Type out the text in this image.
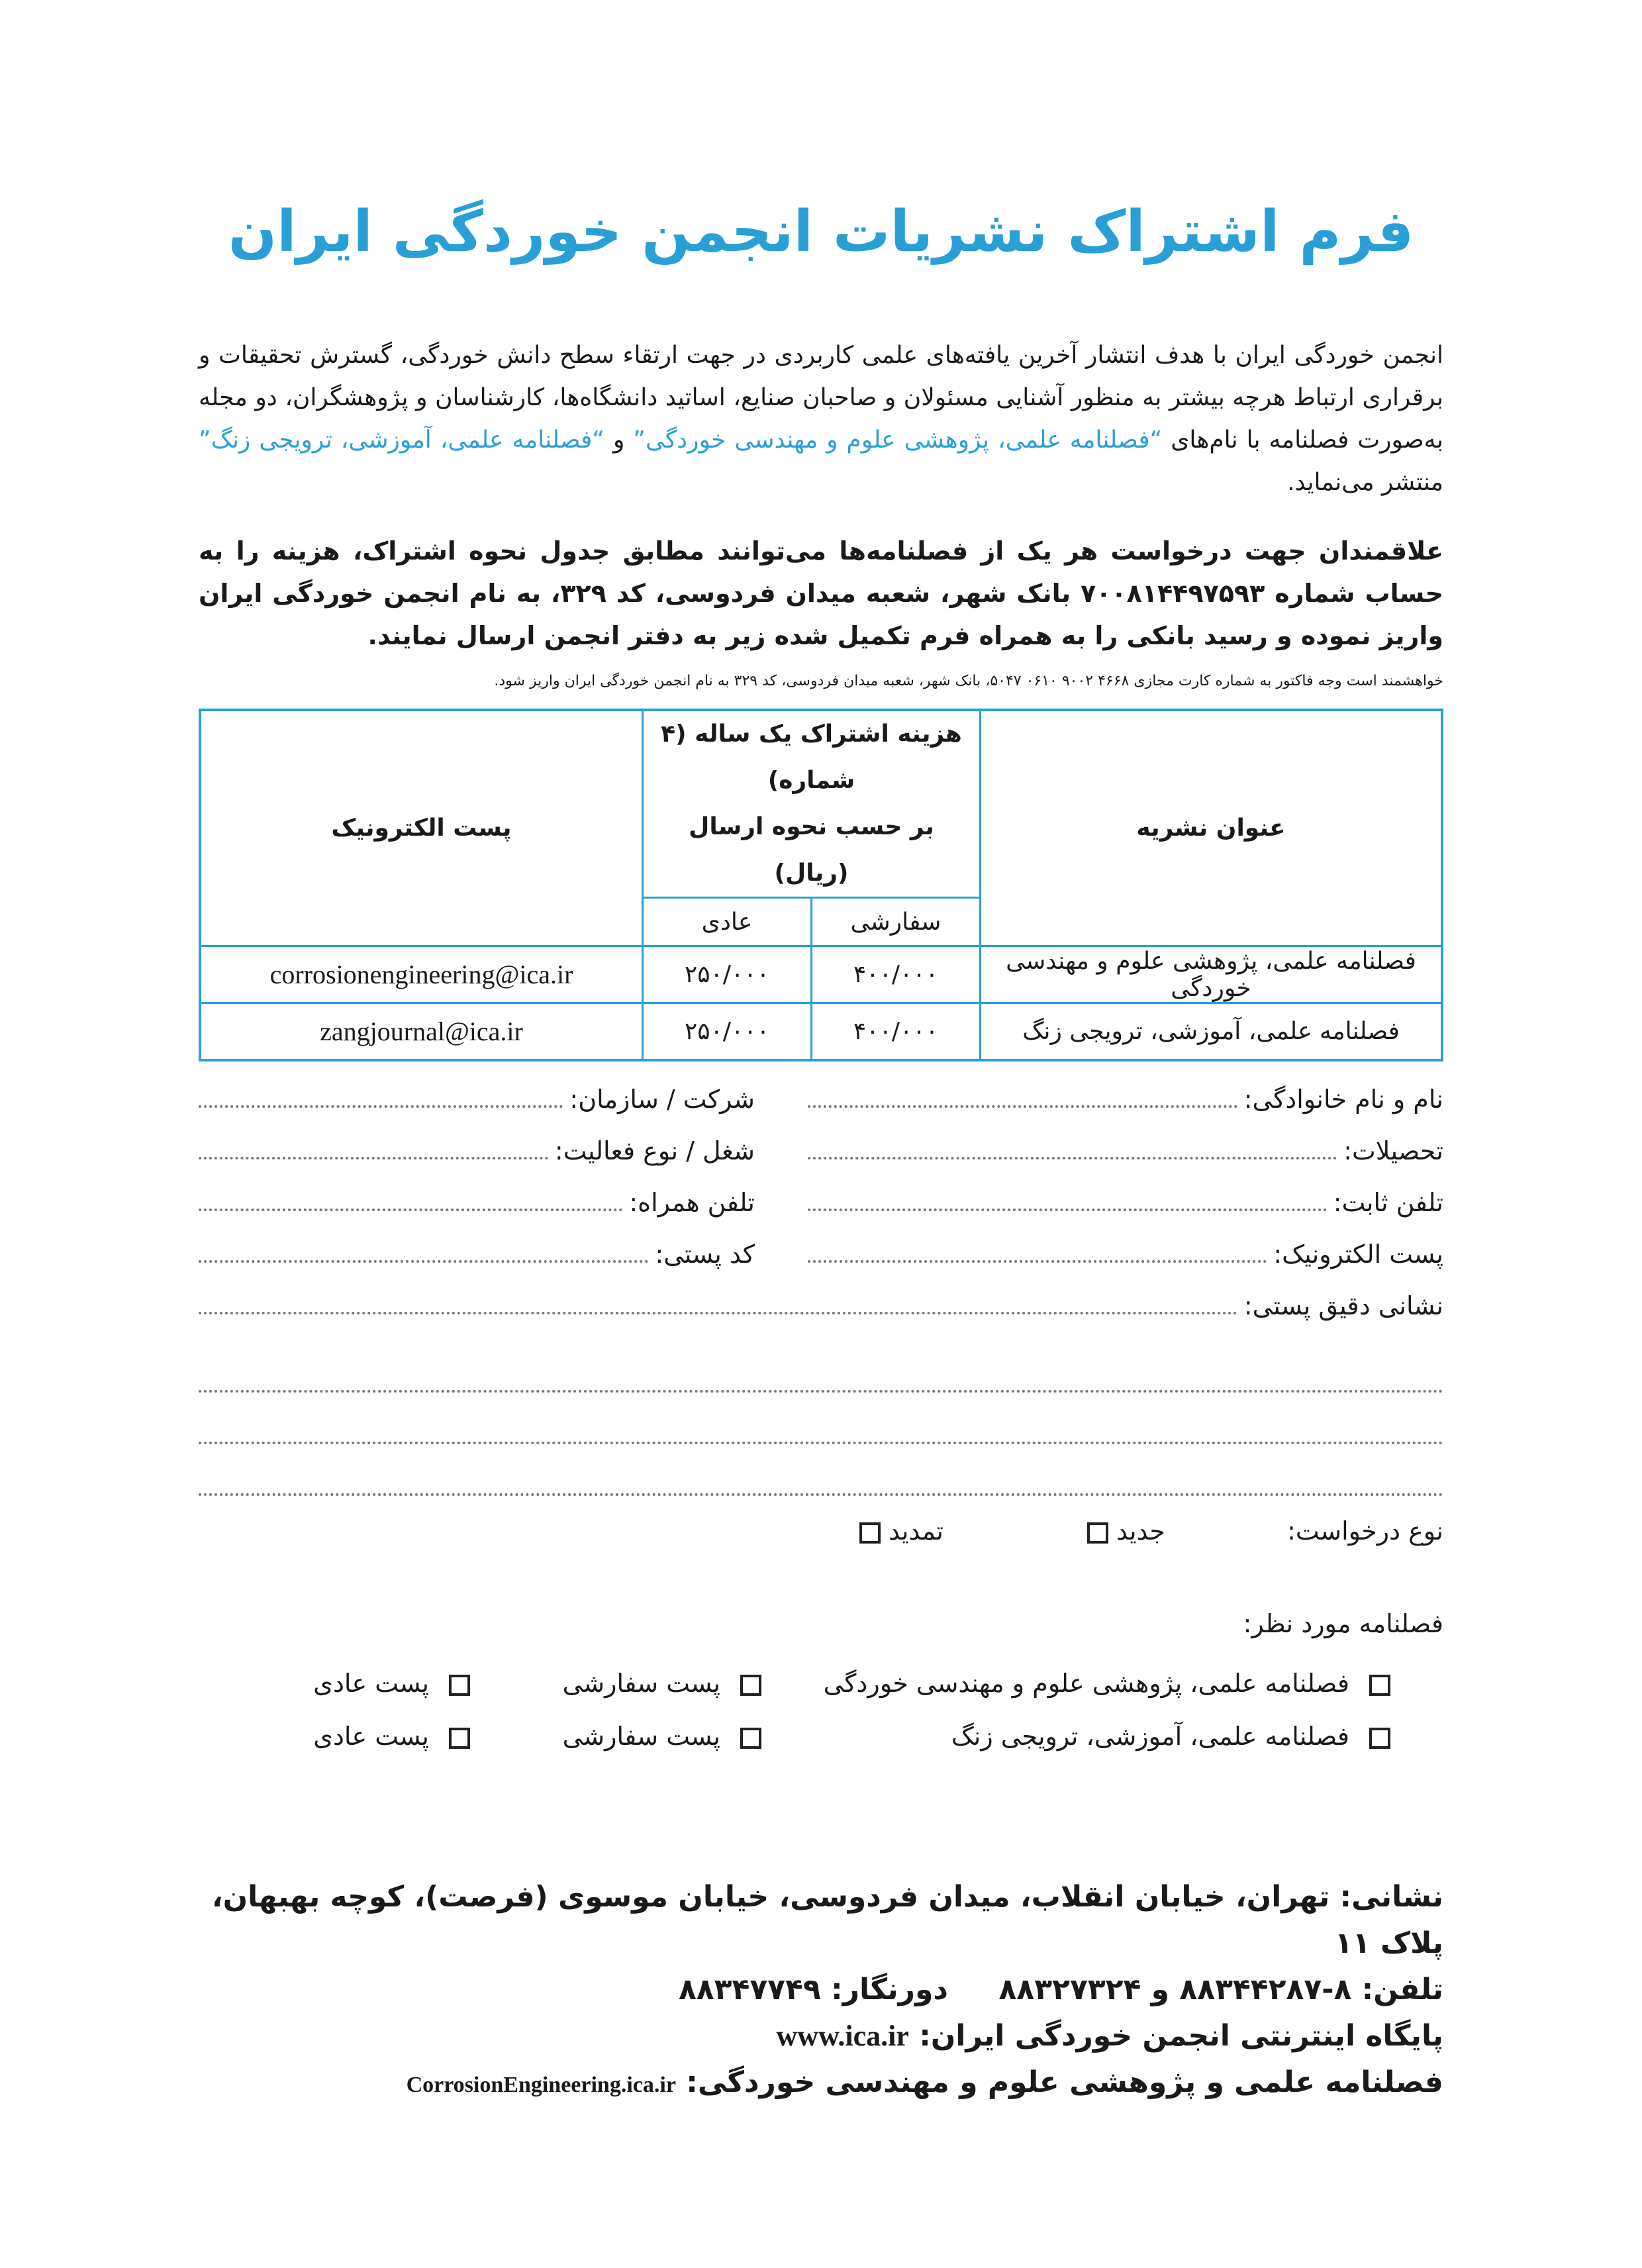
فرم اشتراک نشریات انجمن خوردگی ایران
انجمن خوردگی ایران با هدف انتشار آخرین یافته‌های علمی کاربردی در جهت ارتقاء سطح دانش خوردگی، گسترش تحقیقات و برقراری ارتباط هرچه بیشتر به منظور آشنایی مسئولان و صاحبان صنایع، اساتید دانشگاه‌ها، کارشناسان و پژوهشگران، دو مجله به‌صورت فصلنامه با نام‌های “فصلنامه علمی، پژوهشی علوم و مهندسی خوردگی” و “فصلنامه علمی، آموزشی، ترویجی زنگ” منتشر می‌نماید.
علاقمندان جهت درخواست هر یک از فصلنامه‌ها می‌توانند مطابق جدول نحوه اشتراک، هزینه را به حساب شماره ۷۰۰۸۱۴۴۹۷۵۹۳ بانک شهر، شعبه میدان فردوسی، کد ۳۲۹، به نام انجمن خوردگی ایران واریز نموده و رسید بانکی را به همراه فرم تکمیل شده زیر به دفتر انجمن ارسال نمایند.
خواهشمند است وجه فاکتور به شماره کارت مجازی ۴۶۶۸ ۹۰۰۲ ۰۶۱۰ ۵۰۴۷، بانک شهر، شعبه میدان فردوسی، کد ۳۲۹ به نام انجمن خوردگی ایران واریز شود.
عنوان نشریه	هزینه اشتراک یک ساله (۴ شماره)
بر حسب نحوه ارسال (ریال)		پست الکترونیک
	سفارشی	عادی	
فصلنامه علمی، پژوهشی علوم و مهندسی خوردگی	۴۰۰/۰۰۰	۲۵۰/۰۰۰	corrosionengineering@ica.ir
فصلنامه علمی، آموزشی، ترویجی زنگ	۴۰۰/۰۰۰	۲۵۰/۰۰۰	zangjournal@ica.ir
نام و نام خانوادگی:
شرکت / سازمان:
تحصیلات:
شغل / نوع فعالیت:
تلفن ثابت:
تلفن همراه:
پست الکترونیک:
کد پستی:
نشانی دقیق پستی:
نوع درخواست:
جدید
تمدید
فصلنامه مورد نظر:
فصلنامه علمی، پژوهشی علوم و مهندسی خوردگی
پست سفارشی
پست عادی
فصلنامه علمی، آموزشی، ترویجی زنگ
پست سفارشی
پست عادی
نشانی: تهران، خیابان انقلاب، میدان فردوسی، خیابان موسوی (فرصت)، کوچه بهبهان، پلاک ۱۱
تلفن: ۸-۸۸۳۴۴۲۸۷ و ۸۸۳۲۷۳۲۴     دورنگار: ۸۸۳۴۷۷۴۹
پایگاه اینترنتی انجمن خوردگی ایران: www.ica.ir
فصلنامه علمی و پژوهشی علوم و مهندسی خوردگی: CorrosionEngineering.ica.ir
